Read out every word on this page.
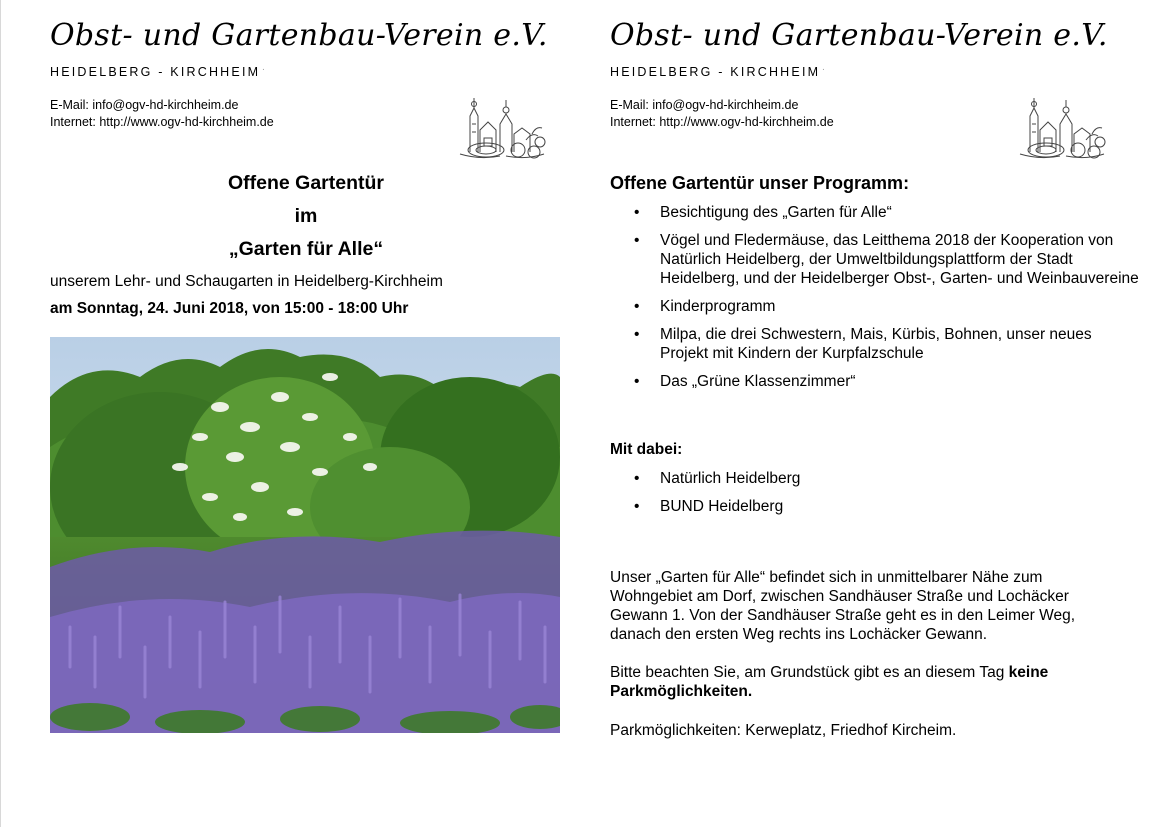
Obst- und Gartenbau-Verein e.V.
HEIDELBERG - KIRCHHEIM ·
E-Mail: info@ogv-hd-kirchheim.de
Internet: http://www.ogv-hd-kirchheim.de
Offene Gartentür
im
„Garten für Alle“
unserem Lehr- und Schaugarten in Heidelberg-Kirchheim
am Sonntag, 24. Juni 2018, von 15:00 - 18:00 Uhr
Obst- und Gartenbau-Verein e.V.
HEIDELBERG - KIRCHHEIM ·
E-Mail: info@ogv-hd-kirchheim.de
Internet: http://www.ogv-hd-kirchheim.de
Offene Gartentür unser Programm:
• Besichtigung des „Garten für Alle“
• Vögel und Fledermäuse, das Leitthema 2018 der Kooperation von Natürlich Heidelberg, der Umweltbildungsplattform der Stadt Heidelberg, und der Heidelberger Obst-, Garten- und Weinbauvereine
• Kinderprogramm
• Milpa, die drei Schwestern, Mais, Kürbis, Bohnen, unser neues Projekt mit Kindern der Kurpfalzschule
• Das „Grüne Klassenzimmer“
Mit dabei:
• Natürlich Heidelberg
• BUND Heidelberg

Unser „Garten für Alle“ befindet sich in unmittelbarer Nähe zum Wohngebiet am Dorf, zwischen Sandhäuser Straße und Lochäcker Gewann 1. Von der Sandhäuser Straße geht es in den Leimer Weg, danach den ersten Weg rechts ins Lochäcker Gewann.

Bitte beachten Sie, am Grundstück gibt es an diesem Tag keine Parkmöglichkeiten.

Parkmöglichkeiten: Kerweplatz, Friedhof Kircheim.
